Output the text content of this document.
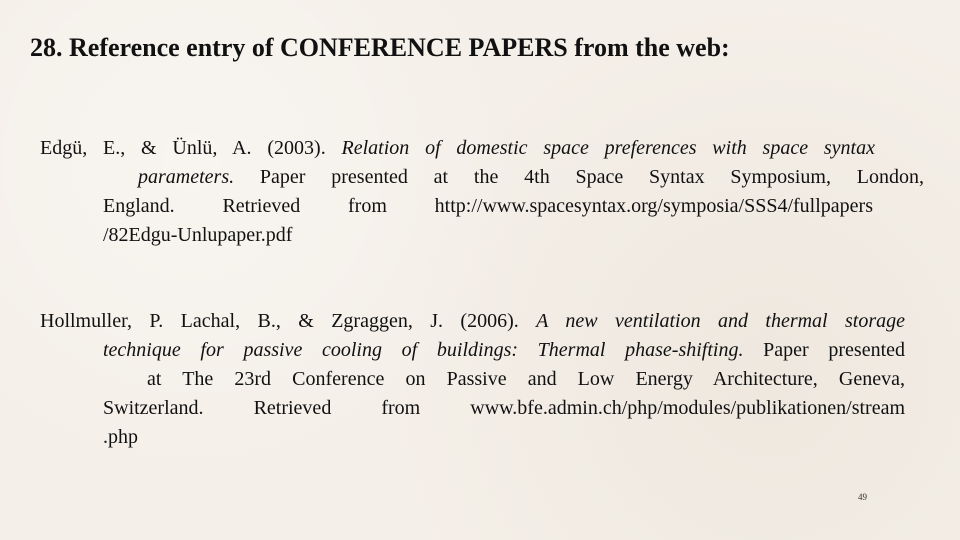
28. Reference entry of CONFERENCE PAPERS from the web:
Edgü, E., & Ünlü, A. (2003). Relation of domestic space preferences with space syntax
parameters. Paper presented at the 4th Space Syntax Symposium, London,
England. Retrieved from http://www.spacesyntax.org/symposia/SSS4/fullpapers
/82Edgu-Unlupaper.pdf
Hollmuller, P. Lachal, B., & Zgraggen, J. (2006). A new ventilation and thermal storage
technique for passive cooling of buildings: Thermal phase-shifting. Paper presented
at The 23rd Conference on Passive and Low Energy Architecture, Geneva,
Switzerland. Retrieved from www.bfe.admin.ch/php/modules/publikationen/stream
.php
49
